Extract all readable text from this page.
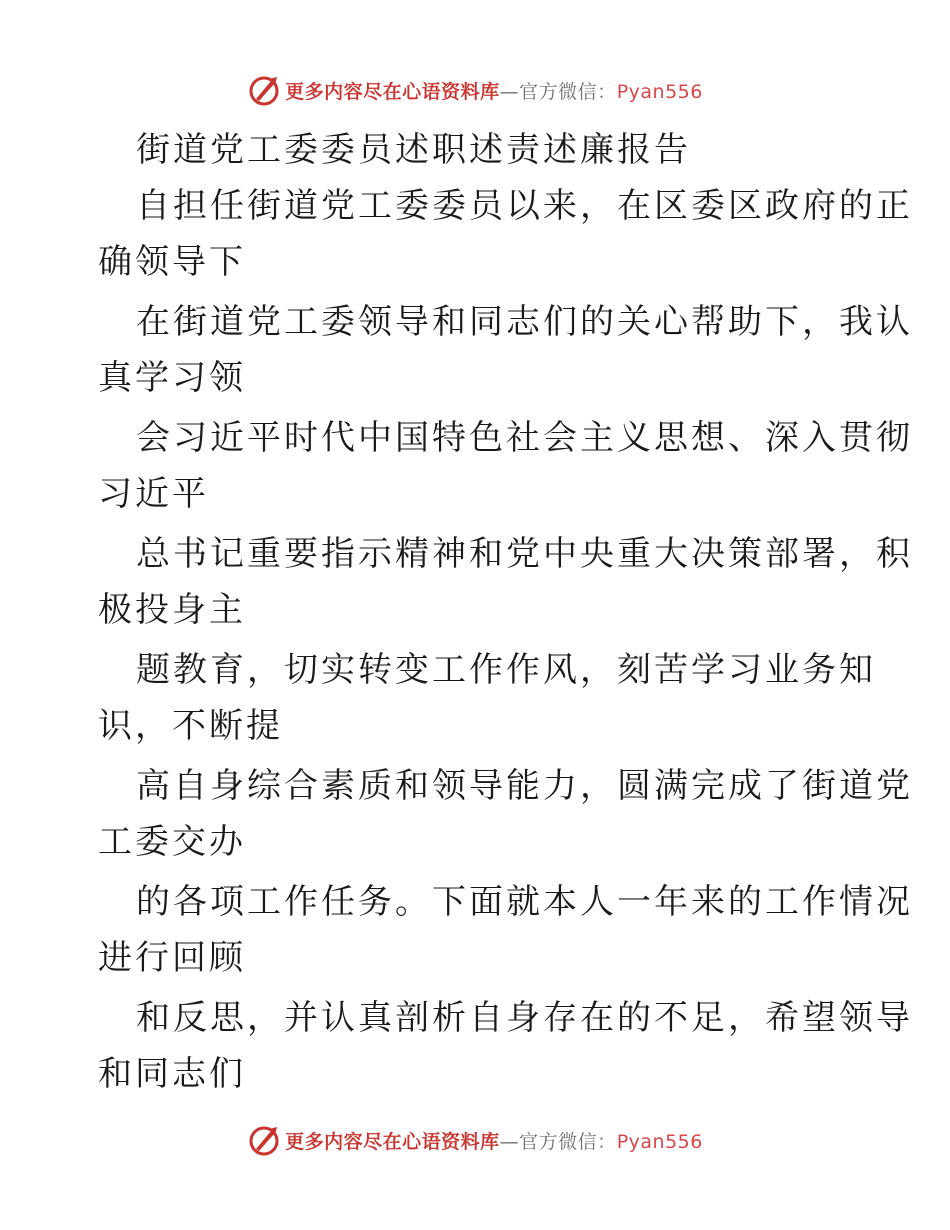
更多内容尽在心语资料库—官方微信：Pyan556
街道党工委委员述职述责述廉报告
自担任街道党工委委员以来，在区委区政府的正
确领导下
在街道党工委领导和同志们的关心帮助下，我认
真学习领
会习近平时代中国特色社会主义思想、深入贯彻
习近平
总书记重要指示精神和党中央重大决策部署，积
极投身主
题教育，切实转变工作作风，刻苦学习业务知
识，不断提
高自身综合素质和领导能力，圆满完成了街道党
工委交办
的各项工作任务。下面就本人一年来的工作情况
进行回顾
和反思，并认真剖析自身存在的不足，希望领导
和同志们
更多内容尽在心语资料库—官方微信：Pyan556
